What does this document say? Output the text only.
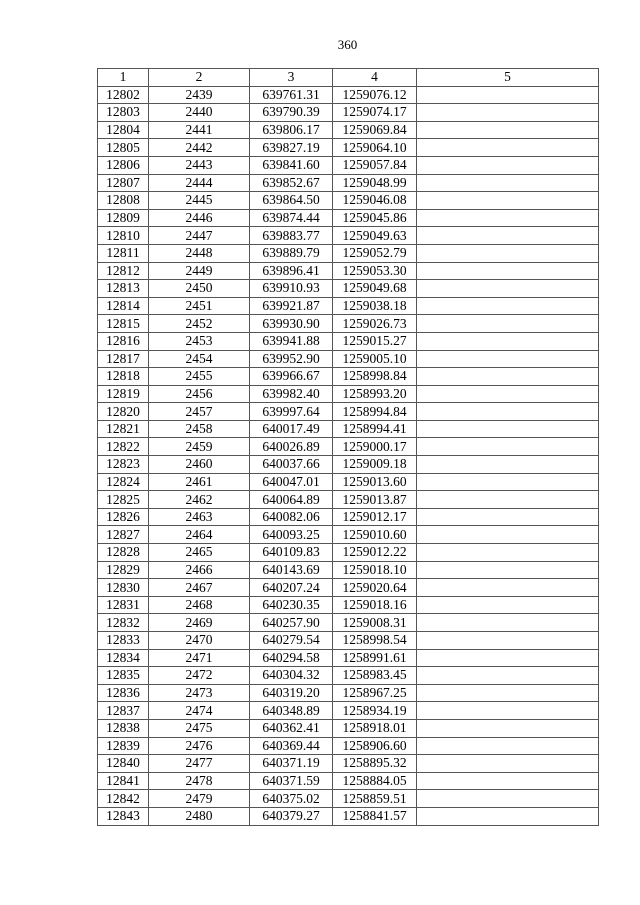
360
1	2	3	4	5
12802	2439	639761.31	1259076.12	
12803	2440	639790.39	1259074.17	
12804	2441	639806.17	1259069.84	
12805	2442	639827.19	1259064.10	
12806	2443	639841.60	1259057.84	
12807	2444	639852.67	1259048.99	
12808	2445	639864.50	1259046.08	
12809	2446	639874.44	1259045.86	
12810	2447	639883.77	1259049.63	
12811	2448	639889.79	1259052.79	
12812	2449	639896.41	1259053.30	
12813	2450	639910.93	1259049.68	
12814	2451	639921.87	1259038.18	
12815	2452	639930.90	1259026.73	
12816	2453	639941.88	1259015.27	
12817	2454	639952.90	1259005.10	
12818	2455	639966.67	1258998.84	
12819	2456	639982.40	1258993.20	
12820	2457	639997.64	1258994.84	
12821	2458	640017.49	1258994.41	
12822	2459	640026.89	1259000.17	
12823	2460	640037.66	1259009.18	
12824	2461	640047.01	1259013.60	
12825	2462	640064.89	1259013.87	
12826	2463	640082.06	1259012.17	
12827	2464	640093.25	1259010.60	
12828	2465	640109.83	1259012.22	
12829	2466	640143.69	1259018.10	
12830	2467	640207.24	1259020.64	
12831	2468	640230.35	1259018.16	
12832	2469	640257.90	1259008.31	
12833	2470	640279.54	1258998.54	
12834	2471	640294.58	1258991.61	
12835	2472	640304.32	1258983.45	
12836	2473	640319.20	1258967.25	
12837	2474	640348.89	1258934.19	
12838	2475	640362.41	1258918.01	
12839	2476	640369.44	1258906.60	
12840	2477	640371.19	1258895.32	
12841	2478	640371.59	1258884.05	
12842	2479	640375.02	1258859.51	
12843	2480	640379.27	1258841.57	
